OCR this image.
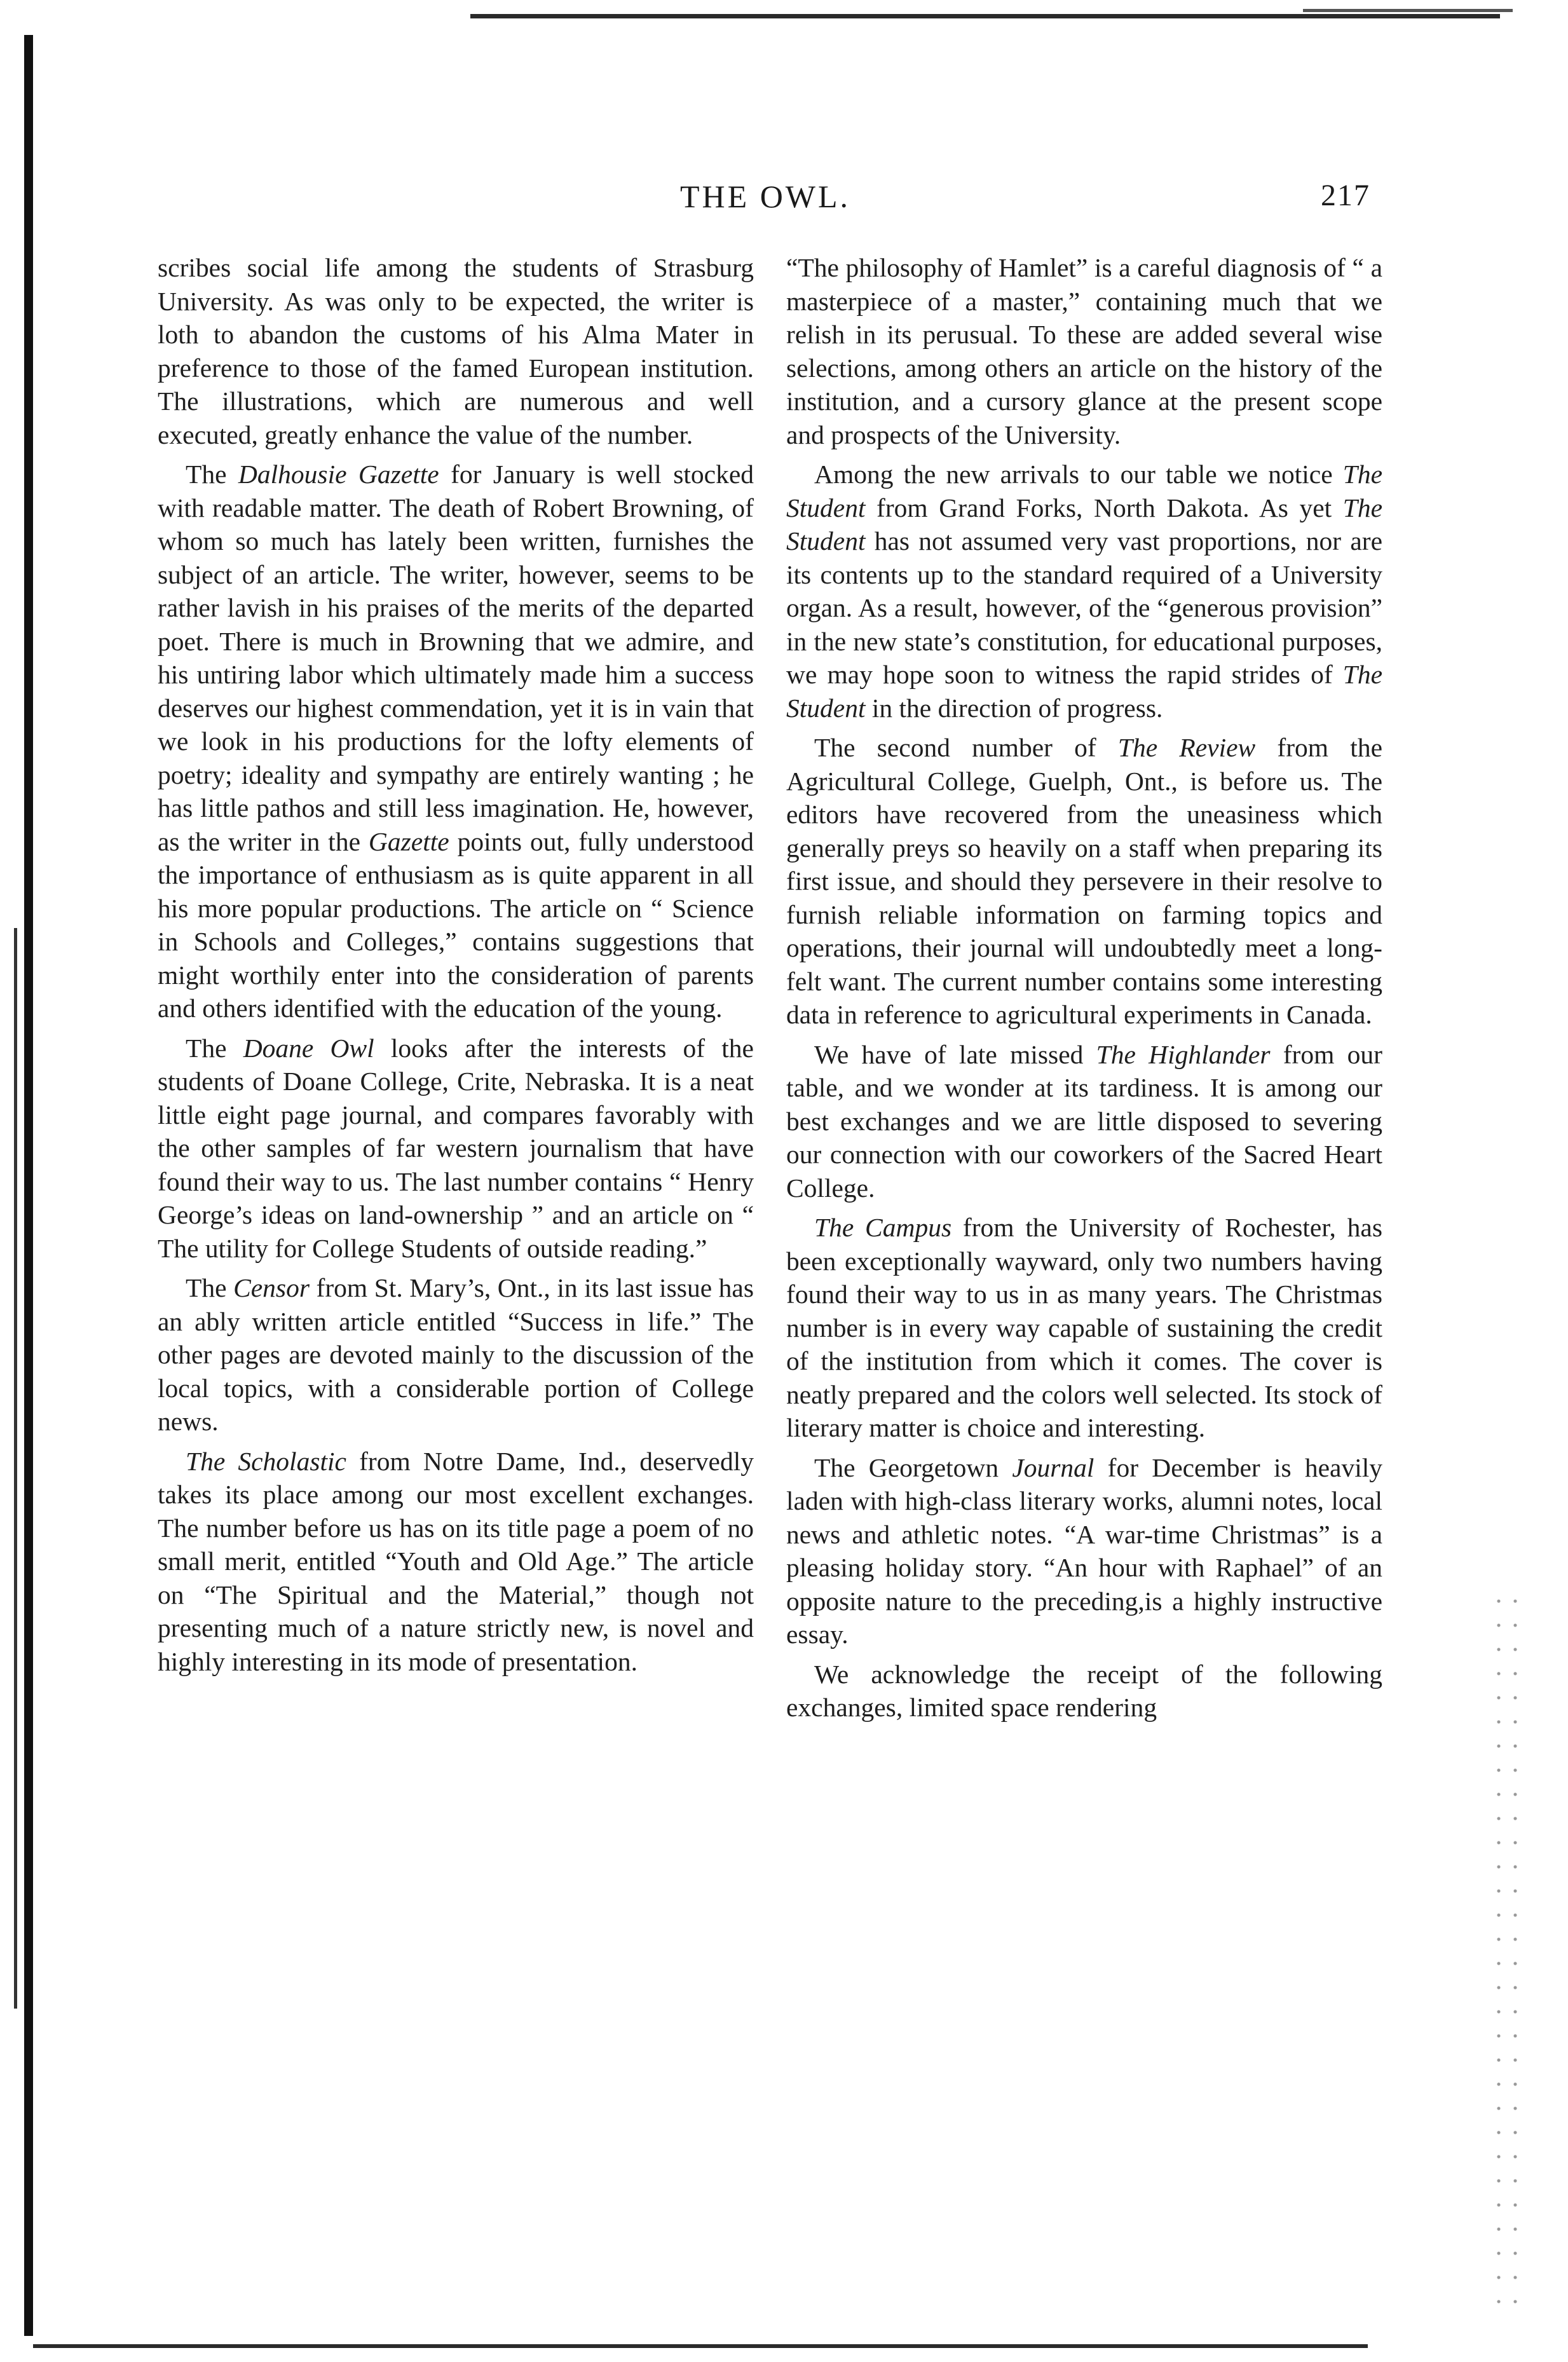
THE OWL.	217

scribes social life among the students of Strasburg University. As was only to be expected, the writer is loth to abandon the customs of his Alma Mater in preference to those of the famed European institution. The illustrations, which are numerous and well executed, greatly enhance the value of the number.

The Dalhousie Gazette for January is well stocked with readable matter. The death of Robert Browning, of whom so much has lately been written, furnishes the subject of an article. The writer, however, seems to be rather lavish in his praises of the merits of the departed poet. There is much in Browning that we admire, and his untiring labor which ultimately made him a success deserves our highest commendation, yet it is in vain that we look in his productions for the lofty elements of poetry; ideality and sympathy are entirely wanting ; he has little pathos and still less imagination. He, however, as the writer in the Gazette points out, fully understood the importance of enthusiasm as is quite apparent in all his more popular productions. The article on “ Science in Schools and Colleges,” contains suggestions that might worthily enter into the consideration of parents and others identified with the education of the young.

The Doane Owl looks after the interests of the students of Doane College, Crite, Nebraska. It is a neat little eight page journal, and compares favorably with the other samples of far western journalism that have found their way to us. The last number contains “ Henry George’s ideas on land-ownership ” and an article on “ The utility for College Students of outside reading.”

The Censor from St. Mary’s, Ont., in its last issue has an ably written article entitled “Success in life.” The other pages are devoted mainly to the discussion of the local topics, with a considerable portion of College news.

The Scholastic from Notre Dame, Ind., deservedly takes its place among our most excellent exchanges. The number before us has on its title page a poem of no small merit, entitled “Youth and Old Age.” The article on “The Spiritual and the Material,” though not presenting much of a nature strictly new, is novel and highly interesting in its mode of presentation.

“The philosophy of Hamlet” is a careful diagnosis of “ a masterpiece of a master,” containing much that we relish in its perusual. To these are added several wise selections, among others an article on the history of the institution, and a cursory glance at the present scope and prospects of the University.

Among the new arrivals to our table we notice The Student from Grand Forks, North Dakota. As yet The Student has not assumed very vast proportions, nor are its contents up to the standard required of a University organ. As a result, however, of the “generous provision” in the new state’s constitution, for educational purposes, we may hope soon to witness the rapid strides of The Student in the direction of progress.

The second number of The Review from the Agricultural College, Guelph, Ont., is before us. The editors have recovered from the uneasiness which generally preys so heavily on a staff when preparing its first issue, and should they persevere in their resolve to furnish reliable information on farming topics and operations, their journal will undoubtedly meet a long-felt want. The current number contains some interesting data in reference to agricultural experiments in Canada.

We have of late missed The Highlander from our table, and we wonder at its tardiness. It is among our best exchanges and we are little disposed to severing our connection with our coworkers of the Sacred Heart College.

The Campus from the University of Rochester, has been exceptionally wayward, only two numbers having found their way to us in as many years. The Christmas number is in every way capable of sustaining the credit of the institution from which it comes. The cover is neatly prepared and the colors well selected. Its stock of literary matter is choice and interesting.

The Georgetown Journal for December is heavily laden with high-class literary works, alumni notes, local news and athletic notes. “A war-time Christmas” is a pleasing holiday story. “An hour with Raphael” of an opposite nature to the preceding,is a highly instructive essay.

We acknowledge the receipt of the following exchanges, limited space rendering
